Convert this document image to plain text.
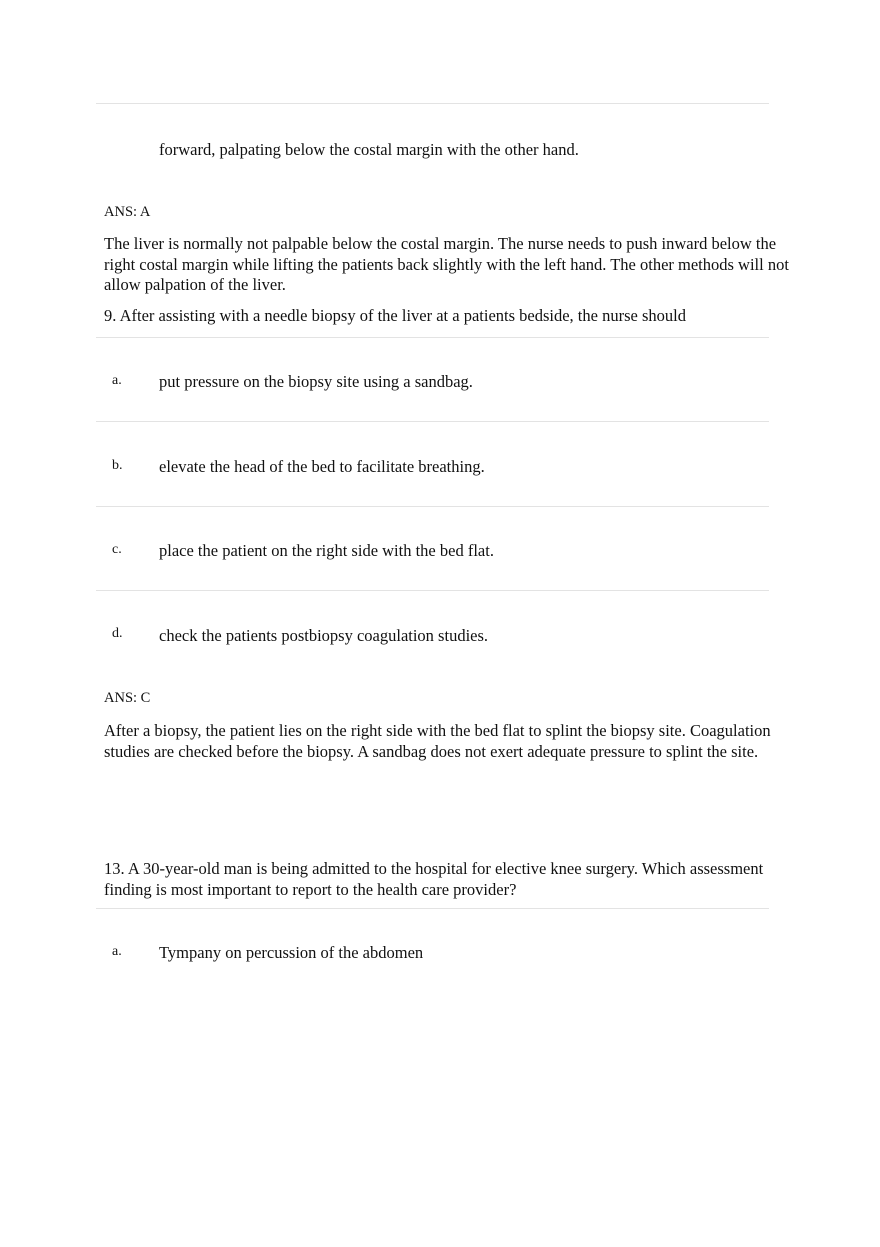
forward, palpating below the costal margin with the other hand.
ANS: A
The liver is normally not palpable below the costal margin. The nurse needs to push inward below the right costal margin while lifting the patients back slightly with the left hand. The other methods will not allow palpation of the liver.
9. After assisting with a needle biopsy of the liver at a patients bedside, the nurse should
a. put pressure on the biopsy site using a sandbag.
b. elevate the head of the bed to facilitate breathing.
c. place the patient on the right side with the bed flat.
d. check the patients postbiopsy coagulation studies.
ANS: C
After a biopsy, the patient lies on the right side with the bed flat to splint the biopsy site. Coagulation studies are checked before the biopsy. A sandbag does not exert adequate pressure to splint the site.
13. A 30-year-old man is being admitted to the hospital for elective knee surgery. Which assessment finding is most important to report to the health care provider?
a. Tympany on percussion of the abdomen
